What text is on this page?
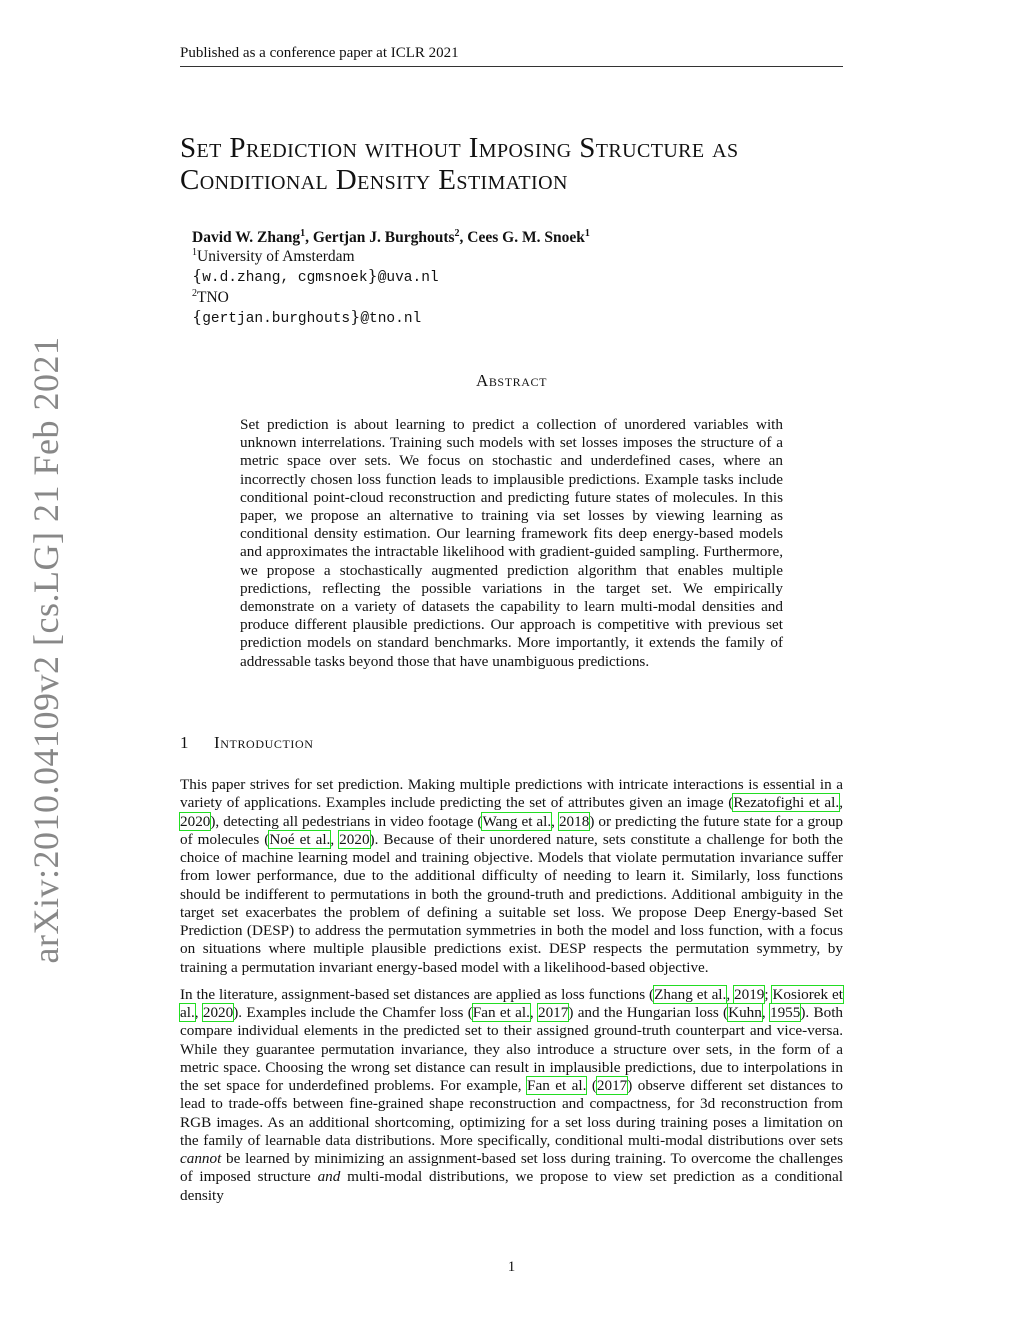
arXiv:2010.04109v2 [cs.LG] 21 Feb 2021
Published as a conference paper at ICLR 2021
Set Prediction without Imposing Structure as
Conditional Density Estimation
David W. Zhang$^1$, Gertjan J. Burghouts$^2$, Cees G. M. Snoek$^1$
$^1$University of Amsterdam
{w.d.zhang, cgmsnoek}@uva.nl
$^2$TNO
{gertjan.burghouts}@tno.nl
Abstract
Set prediction is about learning to predict a collection of unordered variables with unknown interrelations. Training such models with set losses imposes the structure of a metric space over sets. We focus on stochastic and underdefined cases, where an incorrectly chosen loss function leads to implausible predictions. Example tasks include conditional point-cloud reconstruction and predicting future states of molecules. In this paper, we propose an alternative to training via set losses by viewing learning as conditional density estimation. Our learning framework fits deep energy-based models and approximates the intractable likelihood with gradient-guided sampling. Furthermore, we propose a stochastically augmented prediction algorithm that enables multiple predictions, reflecting the possible variations in the target set. We empirically demonstrate on a variety of datasets the capability to learn multi-modal densities and produce different plausible predictions. Our approach is competitive with previous set prediction models on standard benchmarks. More importantly, it extends the family of addressable tasks beyond those that have unambiguous predictions.
1 Introduction

This paper strives for set prediction. Making multiple predictions with intricate interactions is essential in a variety of applications. Examples include predicting the set of attributes given an image (Rezatofighi et al., 2020), detecting all pedestrians in video footage (Wang et al., 2018) or predicting the future state for a group of molecules (Noé et al., 2020). Because of their unordered nature, sets constitute a challenge for both the choice of machine learning model and training objective. Models that violate permutation invariance suffer from lower performance, due to the additional difficulty of needing to learn it. Similarly, loss functions should be indifferent to permutations in both the ground-truth and predictions. Additional ambiguity in the target set exacerbates the problem of defining a suitable set loss. We propose Deep Energy-based Set Prediction (DESP) to address the permutation symmetries in both the model and loss function, with a focus on situations where multiple plausible predictions exist. DESP respects the permutation symmetry, by training a permutation invariant energy-based model with a likelihood-based objective.

In the literature, assignment-based set distances are applied as loss functions (Zhang et al., 2019; Kosiorek et al., 2020). Examples include the Chamfer loss (Fan et al., 2017) and the Hungarian loss (Kuhn, 1955). Both compare individual elements in the predicted set to their assigned ground-truth counterpart and vice-versa. While they guarantee permutation invariance, they also introduce a structure over sets, in the form of a metric space. Choosing the wrong set distance can result in implausible predictions, due to interpolations in the set space for underdefined problems. For example, Fan et al. (2017) observe different set distances to lead to trade-offs between fine-grained shape reconstruction and compactness, for 3d reconstruction from RGB images. As an additional shortcoming, optimizing for a set loss during training poses a limitation on the family of learnable data distributions. More specifically, conditional multi-modal distributions over sets cannot be learned by minimizing an assignment-based set loss during training. To overcome the challenges of imposed structure and multi-modal distributions, we propose to view set prediction as a conditional density

1
